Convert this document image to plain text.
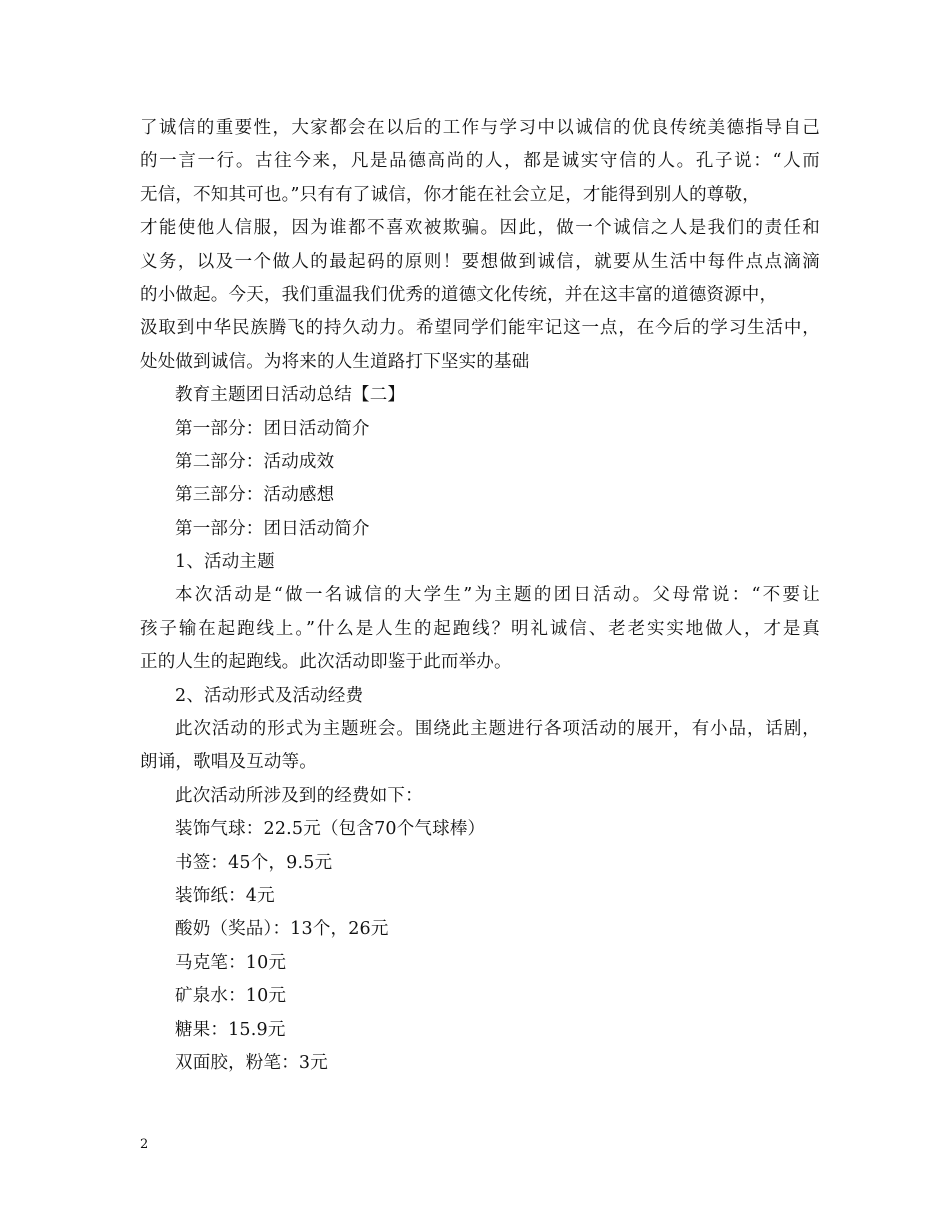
了诚信的重要性，大家都会在以后的工作与学习中以诚信的优良传统美德指导自己
的一言一行。古往今来，凡是品德高尚的人，都是诚实守信的人。孔子说：“人而
无信，不知其可也。”只有有了诚信，你才能在社会立足，才能得到别人的尊敬，
才能使他人信服，因为谁都不喜欢被欺骗。因此，做一个诚信之人是我们的责任和
义务，以及一个做人的最起码的原则！要想做到诚信，就要从生活中每件点点滴滴
的小做起。今天，我们重温我们优秀的道德文化传统，并在这丰富的道德资源中，
汲取到中华民族腾飞的持久动力。希望同学们能牢记这一点，在今后的学习生活中，
处处做到诚信。为将来的人生道路打下坚实的基础
教育主题团日活动总结【二】
第一部分：团日活动简介
第二部分：活动成效
第三部分：活动感想
第一部分：团日活动简介
1、活动主题
本次活动是“做一名诚信的大学生”为主题的团日活动。父母常说：“不要让
孩子输在起跑线上。”什么是人生的起跑线？明礼诚信、老老实实地做人，才是真
正的人生的起跑线。此次活动即鉴于此而举办。
2、活动形式及活动经费
此次活动的形式为主题班会。围绕此主题进行各项活动的展开，有小品，话剧，
朗诵，歌唱及互动等。
此次活动所涉及到的经费如下：
装饰气球：22.5元（包含70个气球棒）
书签：45个，9.5元
装饰纸：4元
酸奶（奖品）：13个，26元
马克笔：10元
矿泉水：10元
糖果：15.9元
双面胶，粉笔：3元
2
